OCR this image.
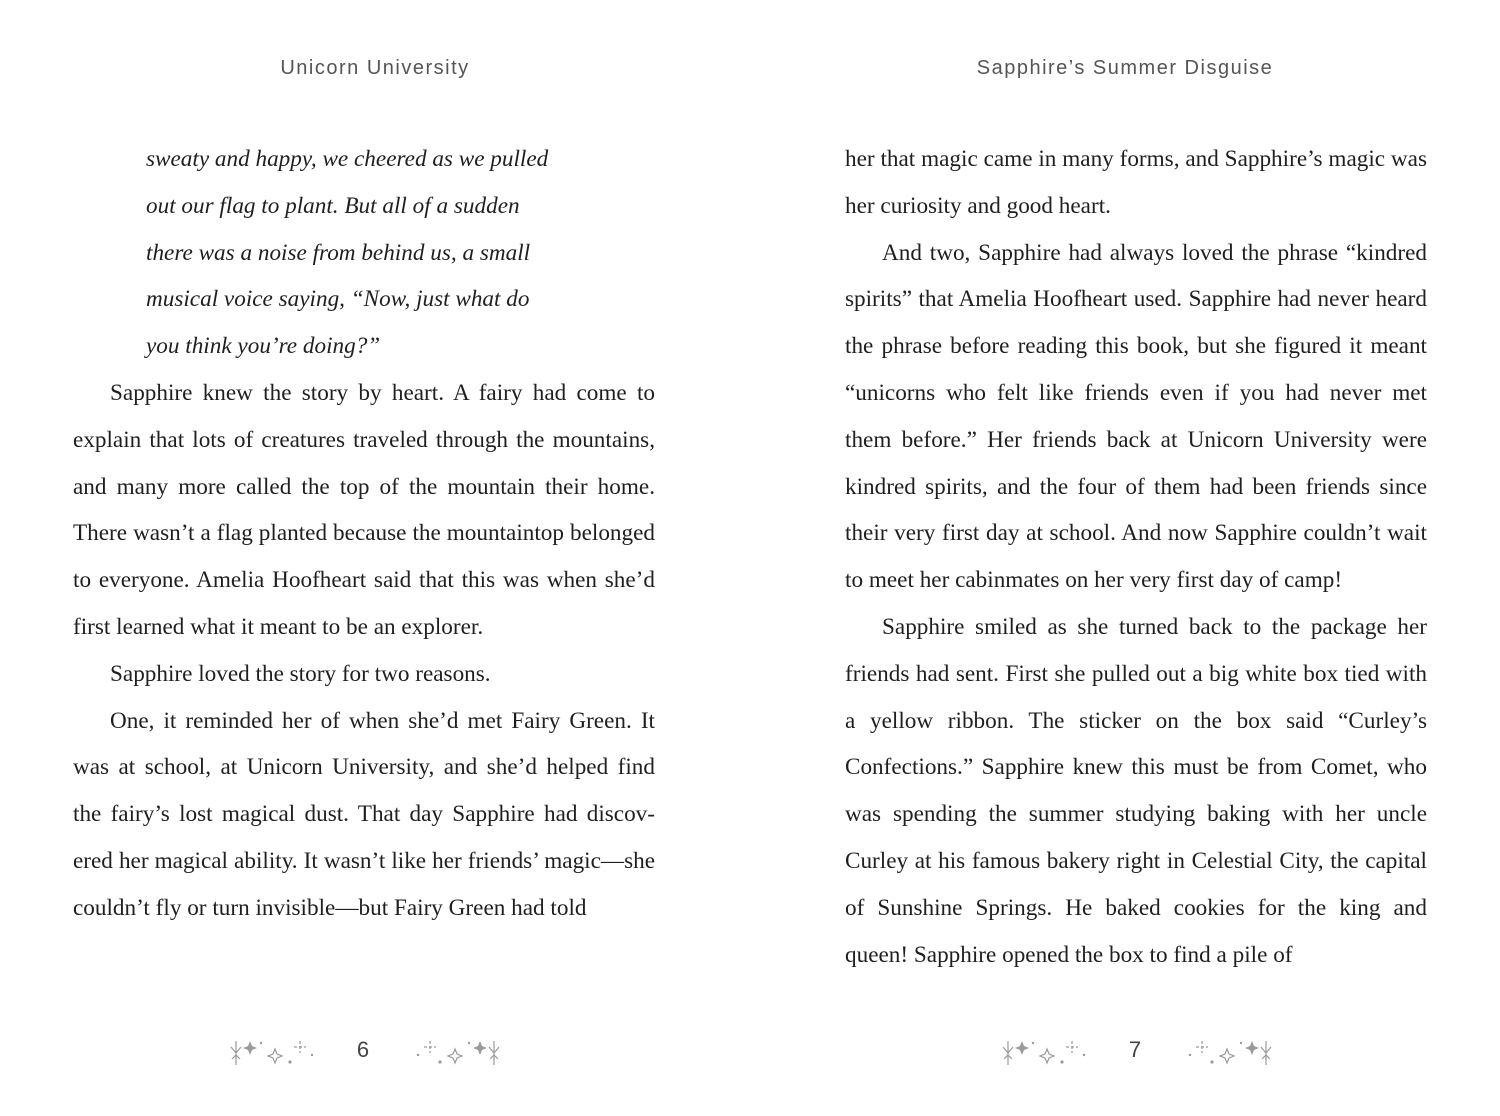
Unicorn University

sweaty and happy, we cheered as we pulled

out our flag to plant. But all of a sudden

there was a noise from behind us, a small

musical voice saying, “Now, just what do

you think you’re doing?”

Sapphire knew the story by heart. A fairy had come to explain that lots of creatures traveled through the mountains, and many more called the top of the mountain their home. There wasn’t a flag planted because the mountaintop belonged to everyone. Amelia Hoofheart said that this was when she’d first learned what it meant to be an explorer.

Sapphire loved the story for two reasons.

One, it reminded her of when she’d met Fairy Green. It was at school, at Unicorn University, and she’d helped find the fairy’s lost magical dust. That day Sapphire had discovered her magical ability. It wasn’t like her friends’ magic—she couldn’t fly or turn invisible—but Fairy Green had told

6
Sapphire’s Summer Disguise

her that magic came in many forms, and Sapphire’s magic was her curiosity and good heart.

And two, Sapphire had always loved the phrase “kindred spirits” that Amelia Hoofheart used. Sapphire had never heard the phrase before reading this book, but she figured it meant “unicorns who felt like friends even if you had never met them before.” Her friends back at Unicorn University were kindred spirits, and the four of them had been friends since their very first day at school. And now Sapphire couldn’t wait to meet her cabinmates on her very first day of camp!

Sapphire smiled as she turned back to the package her friends had sent. First she pulled out a big white box tied with a yellow ribbon. The sticker on the box said “Curley’s Confections.” Sapphire knew this must be from Comet, who was spending the summer studying baking with her uncle Curley at his famous bakery right in Celestial City, the capital of Sunshine Springs. He baked cookies for the king and queen! Sapphire opened the box to find a pile of

7
